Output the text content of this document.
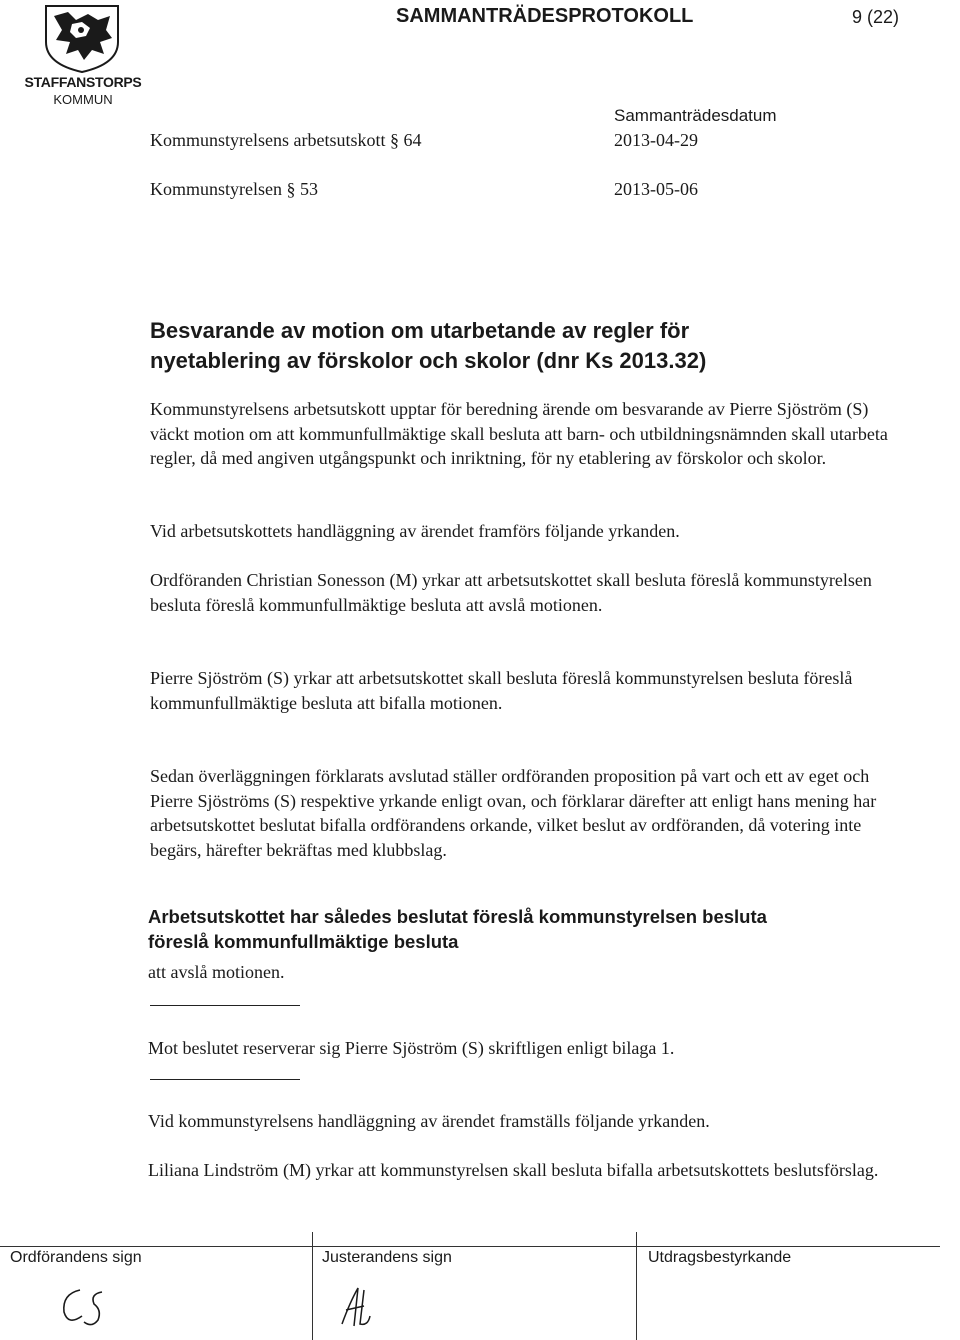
STAFFANSTORPS
KOMMUN
SAMMANTRÄDESPROTOKOLL	9 (22)
Sammanträdesdatum
Kommunstyrelsens arbetsutskott § 64	2013-04-29
Kommunstyrelsen § 53	2013-05-06
Besvarande av motion om utarbetande av regler för
nyetablering av förskolor och skolor (dnr Ks 2013.32)

Kommunstyrelsens arbetsutskott upptar för beredning ärende om besvarande av Pierre Sjöström (S) väckt motion om att kommunfullmäktige skall besluta att barn- och utbildningsnämnden skall utarbeta regler, då med angiven utgångspunkt och inriktning, för ny etablering av förskolor och skolor.

Vid arbetsutskottets handläggning av ärendet framförs följande yrkanden.

Ordföranden Christian Sonesson (M) yrkar att arbetsutskottet skall besluta föreslå kommunstyrelsen besluta föreslå kommunfullmäktige besluta att avslå motionen.

Pierre Sjöström (S) yrkar att arbetsutskottet skall besluta föreslå kommunstyrelsen besluta föreslå kommunfullmäktige besluta att bifalla motionen.

Sedan överläggningen förklarats avslutad ställer ordföranden proposition på vart och ett av eget och Pierre Sjöströms (S) respektive yrkande enligt ovan, och förklarar därefter att enligt hans mening har arbetsutskottet beslutat bifalla ordförandens orkande, vilket beslut av ordföranden, då votering inte begärs, härefter bekräftas med klubbslag.

Arbetsutskottet har således beslutat föreslå kommunstyrelsen besluta
föreslå kommunfullmäktige besluta
att avslå motionen.
Mot beslutet reserverar sig Pierre Sjöström (S) skriftligen enligt bilaga 1.

Vid kommunstyrelsens handläggning av ärendet framställs följande yrkanden.

Liliana Lindström (M) yrkar att kommunstyrelsen skall besluta bifalla arbetsutskottets beslutsförslag.

Ordförandens sign	Justerandens sign	Utdragsbestyrkande
